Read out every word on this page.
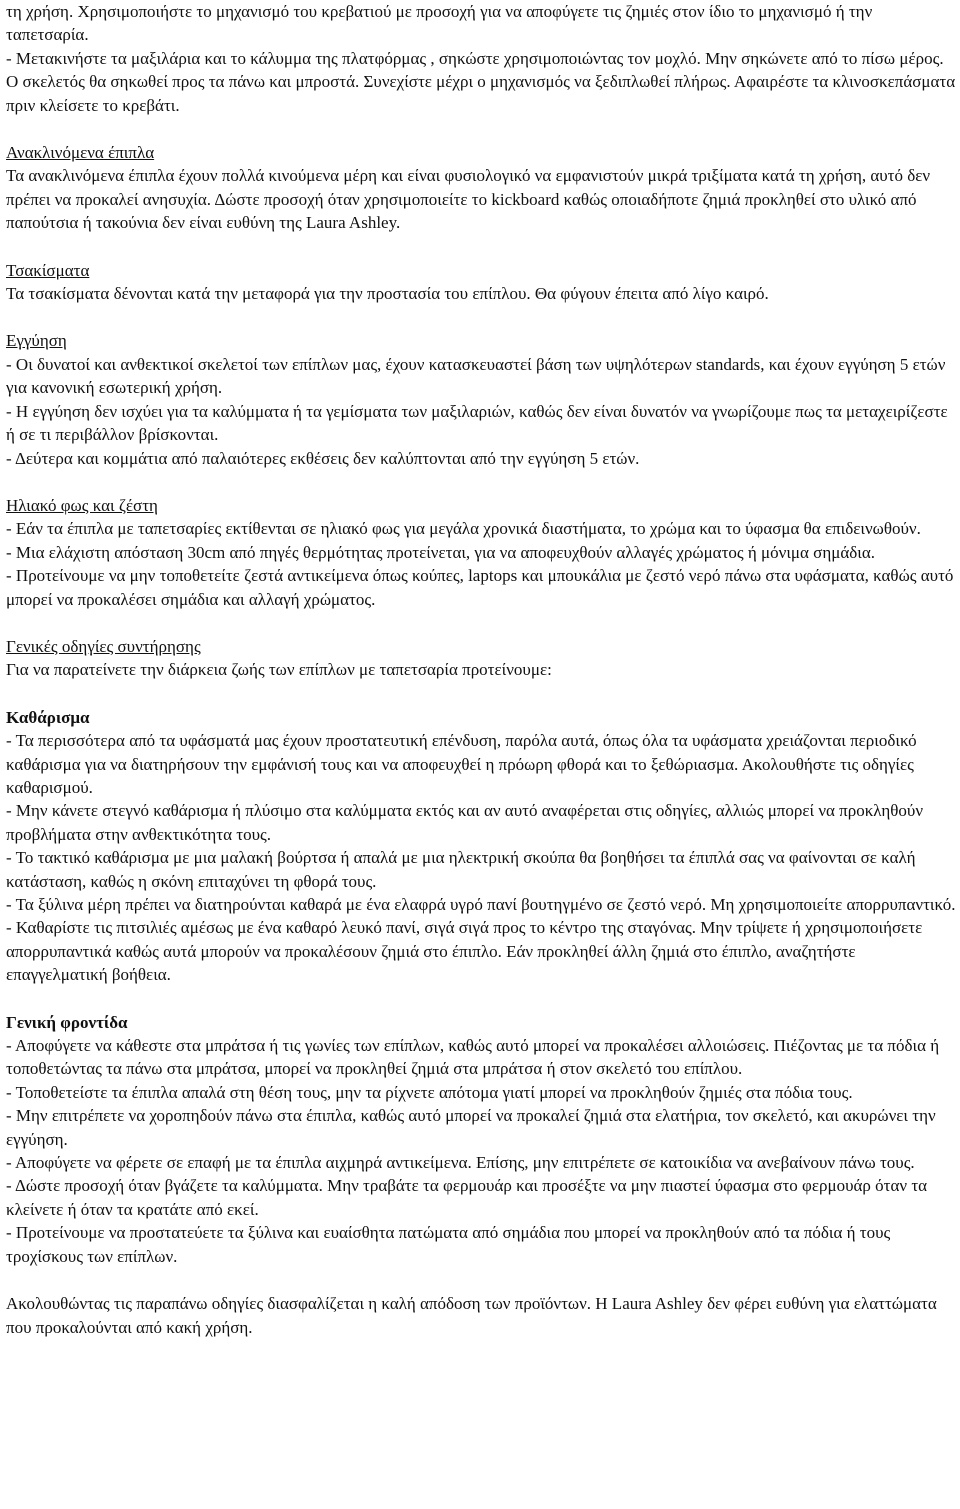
τη χρήση. Χρησιμοποιήστε το μηχανισμό του κρεβατιού με προσοχή για να αποφύγετε τις ζημιές στον ίδιο το μηχανισμό ή την ταπετσαρία.
- Μετακινήστε τα μαξιλάρια και το κάλυμμα της πλατφόρμας , σηκώστε χρησιμοποιώντας τον μοχλό. Μην σηκώνετε από το πίσω μέρος. Ο σκελετός θα σηκωθεί προς τα πάνω και μπροστά. Συνεχίστε μέχρι ο μηχανισμός να ξεδιπλωθεί πλήρως. Αφαιρέστε τα κλινοσκεπάσματα πριν κλείσετε το κρεβάτι.
Ανακλινόμενα έπιπλα
Τα ανακλινόμενα έπιπλα έχουν πολλά κινούμενα μέρη και είναι φυσιολογικό να εμφανιστούν μικρά τριξίματα κατά τη χρήση, αυτό δεν πρέπει να προκαλεί ανησυχία. Δώστε προσοχή όταν χρησιμοποιείτε το kickboard καθώς οποιαδήποτε ζημιά προκληθεί στο υλικό από παπούτσια ή τακούνια δεν είναι ευθύνη της Laura Ashley.
Τσακίσματα
Τα τσακίσματα δένονται κατά την μεταφορά για την προστασία του επίπλου. Θα φύγουν έπειτα από λίγο καιρό.
Εγγύηση
- Οι δυνατοί και ανθεκτικοί σκελετοί των επίπλων μας, έχουν κατασκευαστεί βάση των υψηλότερων standards, και έχουν εγγύηση 5 ετών για κανονική εσωτερική χρήση.
- Η εγγύηση δεν ισχύει για τα καλύμματα ή τα γεμίσματα των μαξιλαριών, καθώς δεν είναι δυνατόν να γνωρίζουμε πως τα μεταχειρίζεστε ή σε τι περιβάλλον βρίσκονται.
- Δεύτερα και κομμάτια από παλαιότερες εκθέσεις δεν καλύπτονται από την εγγύηση 5 ετών.
Ηλιακό φως και ζέστη
- Εάν τα έπιπλα με ταπετσαρίες εκτίθενται σε ηλιακό φως για μεγάλα χρονικά διαστήματα, το χρώμα και το ύφασμα θα επιδεινωθούν.
- Μια ελάχιστη απόσταση 30cm από πηγές θερμότητας προτείνεται, για να αποφευχθούν αλλαγές χρώματος ή μόνιμα σημάδια.
- Προτείνουμε να μην τοποθετείτε ζεστά αντικείμενα όπως κούπες, laptops και μπουκάλια με ζεστό νερό πάνω στα υφάσματα, καθώς αυτό μπορεί να προκαλέσει σημάδια και αλλαγή χρώματος.
Γενικές οδηγίες συντήρησης
Για να παρατείνετε την διάρκεια ζωής των επίπλων με ταπετσαρία προτείνουμε:
Καθάρισμα
- Τα περισσότερα από τα υφάσματά μας έχουν προστατευτική επένδυση, παρόλα αυτά, όπως όλα τα υφάσματα χρειάζονται περιοδικό καθάρισμα για να διατηρήσουν την εμφάνισή τους και να αποφευχθεί η πρόωρη φθορά και το ξεθώριασμα. Ακολουθήστε τις οδηγίες καθαρισμού.
- Μην κάνετε στεγνό καθάρισμα ή πλύσιμο στα καλύμματα εκτός και αν αυτό αναφέρεται στις οδηγίες, αλλιώς μπορεί να προκληθούν προβλήματα στην ανθεκτικότητα τους.
- Το τακτικό καθάρισμα με μια μαλακή βούρτσα ή απαλά με μια ηλεκτρική σκούπα θα βοηθήσει τα έπιπλά σας να φαίνονται σε καλή κατάσταση, καθώς η σκόνη επιταχύνει τη φθορά τους.
- Τα ξύλινα μέρη πρέπει να διατηρούνται καθαρά με ένα ελαφρά υγρό πανί βουτηγμένο σε ζεστό νερό. Μη χρησιμοποιείτε απορρυπαντικό.
- Καθαρίστε τις πιτσιλιές αμέσως με ένα καθαρό λευκό πανί, σιγά σιγά προς το κέντρο της σταγόνας. Μην τρίψετε ή χρησιμοποιήσετε απορρυπαντικά καθώς αυτά μπορούν να προκαλέσουν ζημιά στο έπιπλο. Εάν προκληθεί άλλη ζημιά στο έπιπλο, αναζητήστε επαγγελματική βοήθεια.
Γενική φροντίδα
- Αποφύγετε να κάθεστε στα μπράτσα ή τις γωνίες των επίπλων, καθώς αυτό μπορεί να προκαλέσει αλλοιώσεις. Πιέζοντας με τα πόδια ή τοποθετώντας τα πάνω στα μπράτσα, μπορεί να προκληθεί ζημιά στα μπράτσα ή στον σκελετό του επίπλου.
- Τοποθετείστε τα έπιπλα απαλά στη θέση τους, μην τα ρίχνετε απότομα γιατί μπορεί να προκληθούν ζημιές στα πόδια τους.
- Μην επιτρέπετε να χοροπηδούν πάνω στα έπιπλα, καθώς αυτό μπορεί να προκαλεί ζημιά στα ελατήρια, τον σκελετό, και ακυρώνει την εγγύηση.
- Αποφύγετε να φέρετε σε επαφή με τα έπιπλα αιχμηρά αντικείμενα. Επίσης, μην επιτρέπετε σε κατοικίδια να ανεβαίνουν πάνω τους.
- Δώστε προσοχή όταν βγάζετε τα καλύμματα. Μην τραβάτε τα φερμουάρ και προσέξτε να μην πιαστεί ύφασμα στο φερμουάρ όταν τα κλείνετε ή όταν τα κρατάτε από εκεί.
- Προτείνουμε να προστατεύετε τα ξύλινα και ευαίσθητα πατώματα από σημάδια που μπορεί να προκληθούν από τα πόδια ή τους τροχίσκους των επίπλων.
Ακολουθώντας τις παραπάνω οδηγίες διασφαλίζεται η καλή απόδοση των προϊόντων. Η Laura Ashley δεν φέρει ευθύνη για ελαττώματα που προκαλούνται από κακή χρήση.
